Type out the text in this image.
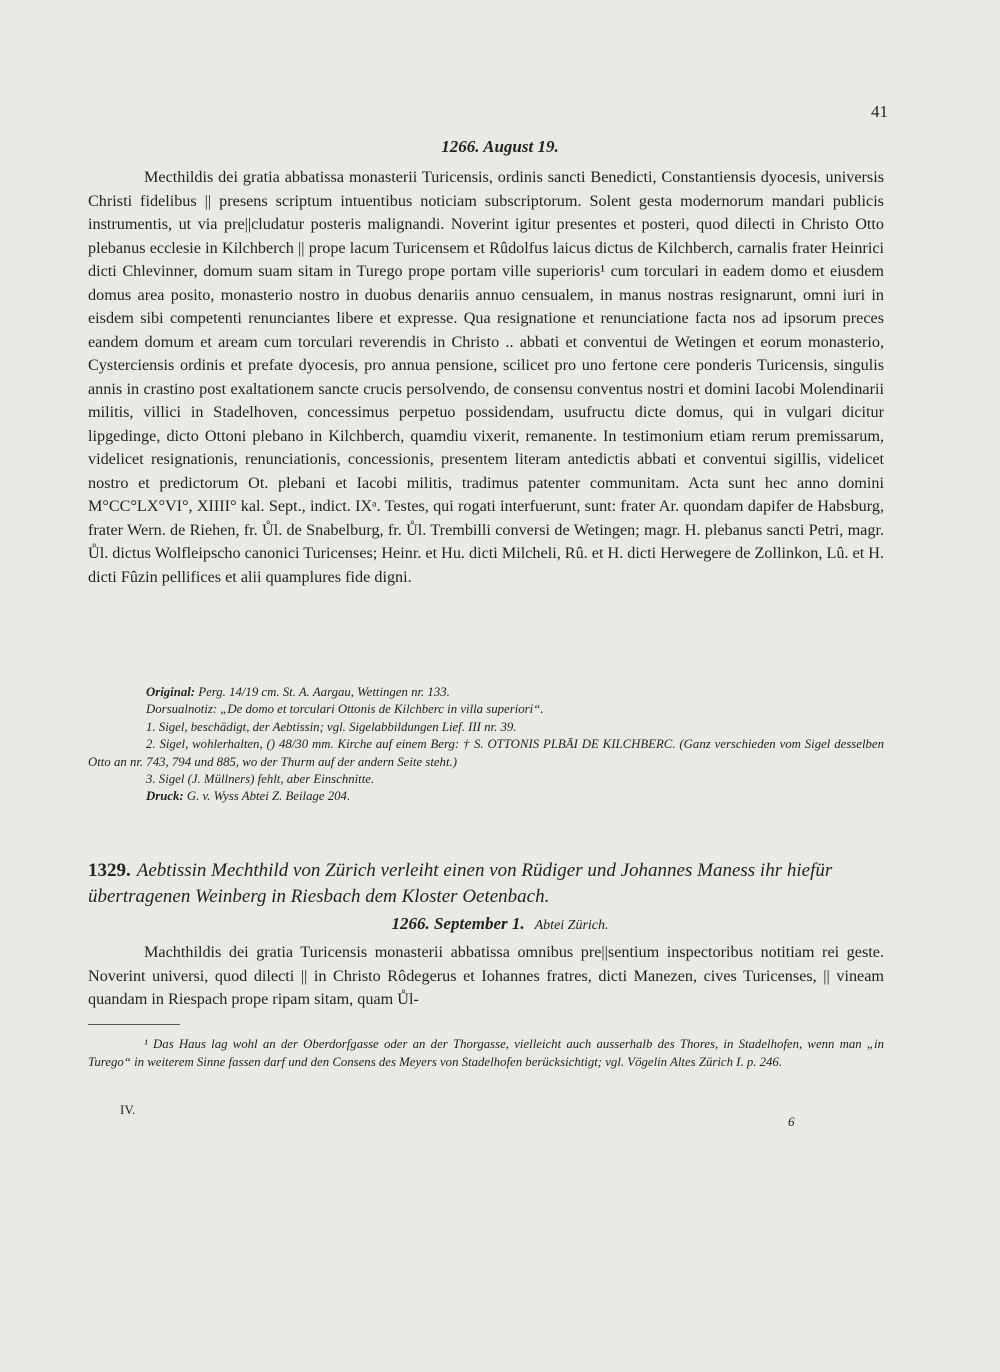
41
1266. August 19.

Mecthildis dei gratia abbatissa monasterii Turicensis, ordinis sancti Benedicti, Constantiensis dyocesis, universis Christi fidelibus || presens scriptum intuentibus noticiam subscriptorum. Solent gesta modernorum mandari publicis instrumentis, ut via pre||cludatur posteris malignandi. Noverint igitur presentes et posteri, quod dilecti in Christo Otto plebanus ecclesie in Kilchberch || prope lacum Turicensem et Rûdolfus laicus dictus de Kilchberch, carnalis frater Heinrici dicti Chlevinner, domum suam sitam in Turego prope portam ville superioris¹ cum torculari in eadem domo et eiusdem domus area posito, monasterio nostro in duobus denariis annuo censualem, in manus nostras resignarunt, omni iuri in eisdem sibi competenti renunciantes libere et expresse. Qua resignatione et renunciatione facta nos ad ipsorum preces eandem domum et aream cum torculari reverendis in Christo .. abbati et conventui de Wetingen et eorum monasterio, Cysterciensis ordinis et prefate dyocesis, pro annua pensione, scilicet pro uno fertone cere ponderis Turicensis, singulis annis in crastino post exaltationem sancte crucis persolvendo, de consensu conventus nostri et domini Iacobi Molendinarii militis, villici in Stadelhoven, concessimus perpetuo possidendam, usufructu dicte domus, qui in vulgari dicitur lipgedinge, dicto Ottoni plebano in Kilchberch, quamdiu vixerit, remanente. In testimonium etiam rerum premissarum, videlicet resignationis, renunciationis, concessionis, presentem literam antedictis abbati et conventui sigillis, videlicet nostro et predictorum Ot. plebani et Iacobi militis, tradimus patenter communitam. Acta sunt hec anno domini M°CC°LX°VI°, XIIII° kal. Sept., indict. IXᵃ. Testes, qui rogati interfuerunt, sunt: frater Ar. quondam dapifer de Habsburg, frater Wern. de Riehen, fr. Ůl. de Snabelburg, fr. Ůl. Trembilli conversi de Wetingen; magr. H. plebanus sancti Petri, magr. Ůl. dictus Wolfleipscho canonici Turicenses; Heinr. et Hu. dicti Milcheli, Rû. et H. dicti Herwegere de Zollinkon, Lû. et H. dicti Fûzin pellifices et alii quamplures fide digni.

Original: Perg. 14/19 cm. St. A. Aargau, Wettingen nr. 133.

Dorsualnotiz: „De domo et torculari Ottonis de Kilchberc in villa superiori“.

1. Sigel, beschädigt, der Aebtissin; vgl. Sigelabbildungen Lief. III nr. 39.

2. Sigel, wohlerhalten, () 48/30 mm. Kirche auf einem Berg: † S. OTTONIS PLBĀI DE KILCHBERC. (Ganz verschieden vom Sigel desselben Otto an nr. 743, 794 und 885, wo der Thurm auf der andern Seite steht.)

3. Sigel (J. Müllners) fehlt, aber Einschnitte.

Druck: G. v. Wyss Abtei Z. Beilage 204.

1329. Aebtissin Mechthild von Zürich verleiht einen von Rüdiger und Johannes Maness ihr hiefür übertragenen Weinberg in Riesbach dem Kloster Oetenbach.
1266. September 1. Abtei Zürich.

Machthildis dei gratia Turicensis monasterii abbatissa omnibus pre||sentium inspectoribus notitiam rei geste. Noverint universi, quod dilecti || in Christo Rôdegerus et Iohannes fratres, dicti Manezen, cives Turicenses, || vineam quandam in Riespach prope ripam sitam, quam Ůl-

¹ Das Haus lag wohl an der Oberdorfgasse oder an der Thorgasse, vielleicht auch ausserhalb des Thores, in Stadelhofen, wenn man „in Turego“ in weiterem Sinne fassen darf und den Consens des Meyers von Stadelhofen berücksichtigt; vgl. Vögelin Altes Zürich I. p. 246.

IV.
6
